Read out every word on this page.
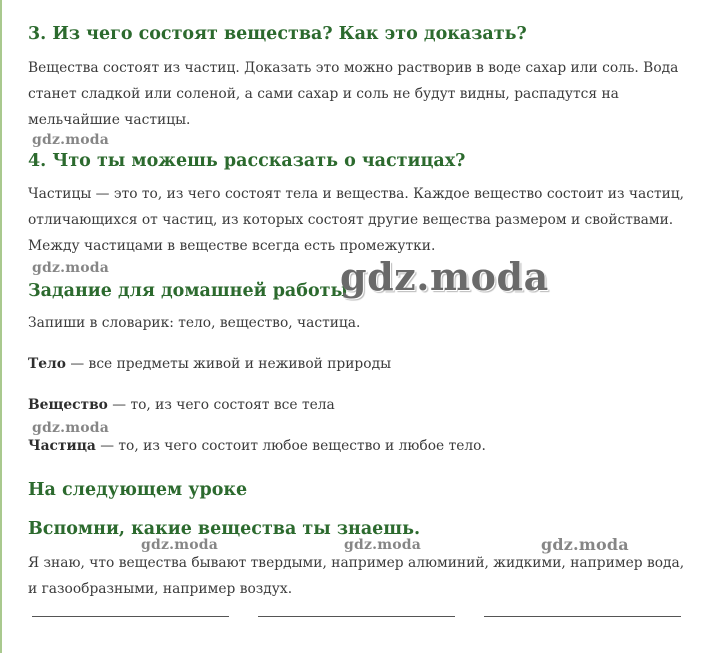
3. Из чего состоят вещества? Как это доказать?

Вещества состоят из частиц. Доказать это можно растворив в воде сахар или соль. Вода

станет сладкой или соленой, а сами сахар и соль не будут видны, распадутся на

мельчайшие частицы.

gdz.moda
4. Что ты можешь рассказать о частицах?

Частицы — это то, из чего состоят тела и вещества. Каждое вещество состоит из частиц,

отличающихся от частиц, из которых состоят другие вещества размером и свойствами.

Между частицами в веществе всегда есть промежутки.

gdz.moda
Задание для домашней работы
gdz.moda

Запиши в словарик: тело, вещество, частица.

Тело — все предметы живой и неживой природы

Вещество — то, из чего состоят все тела

gdz.moda

Частица — то, из чего состоит любое вещество и любое тело.

На следующем уроке
Вспомни, какие вещества ты знаешь.
gdz.moda	gdz.moda	gdz.moda

Я знаю, что вещества бывают твердыми, например алюминий, жидкими, например вода,

и газообразными, например воздух.
